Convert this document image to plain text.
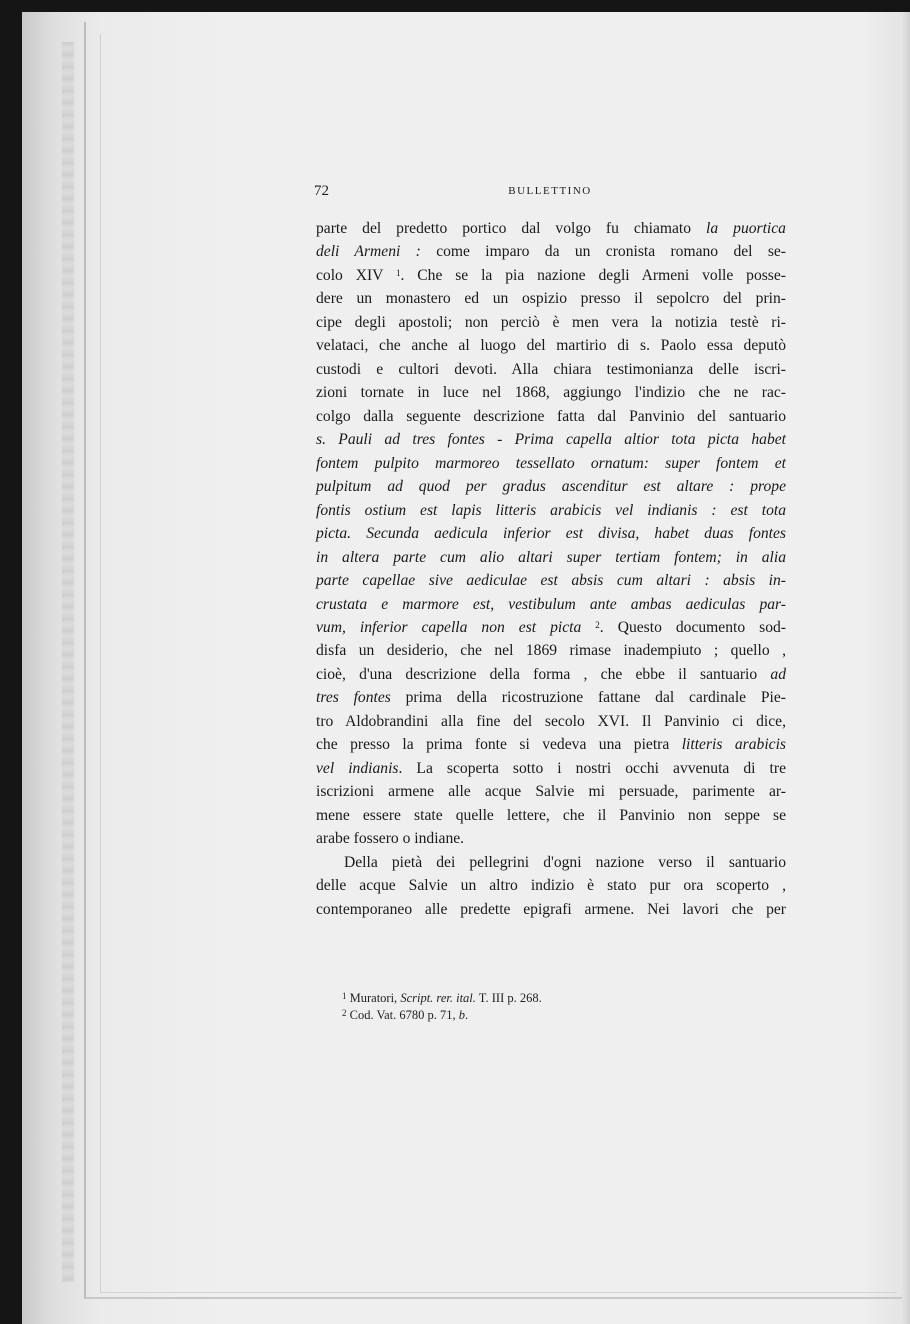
72	BULLETTINO
parte del predetto portico dal volgo fu chiamato la puortica
deli Armeni : come imparo da un cronista romano del se-
colo XIV $^1$. Che se la pia nazione degli Armeni volle posse-
dere un monastero ed un ospizio presso il sepolcro del prin-
cipe degli apostoli; non perciò è men vera la notizia testè ri-
velataci, che anche al luogo del martirio di s. Paolo essa deputò
custodi e cultori devoti. Alla chiara testimonianza delle iscri-
zioni tornate in luce nel 1868, aggiungo l'indizio che ne rac-
colgo dalla seguente descrizione fatta dal Panvinio del santuario
s. Pauli ad tres fontes - Prima capella altior tota picta habet
fontem pulpito marmoreo tessellato ornatum: super fontem et
pulpitum ad quod per gradus ascenditur est altare : prope
fontis ostium est lapis litteris arabicis vel indianis : est tota
picta. Secunda aedicula inferior est divisa, habet duas fontes
in altera parte cum alio altari super tertiam fontem; in alia
parte capellae sive aediculae est absis cum altari : absis in-
crustata e marmore est, vestibulum ante ambas aediculas par-
vum, inferior capella non est picta $^2$. Questo documento sod-
disfa un desiderio, che nel 1869 rimase inadempiuto ; quello ,
cioè, d'una descrizione della forma , che ebbe il santuario ad
tres fontes prima della ricostruzione fattane dal cardinale Pie-
tro Aldobrandini alla fine del secolo XVI. Il Panvinio ci dice,
che presso la prima fonte si vedeva una pietra litteris arabicis
vel indianis. La scoperta sotto i nostri occhi avvenuta di tre
iscrizioni armene alle acque Salvie mi persuade, parimente ar-
mene essere state quelle lettere, che il Panvinio non seppe se
arabe fossero o indiane.
Della pietà dei pellegrini d'ogni nazione verso il santuario
delle acque Salvie un altro indizio è stato pur ora scoperto ,
contemporaneo alle predette epigrafi armene. Nei lavori che per
$^1$ Muratori, Script. rer. ital. T. III p. 268.
$^2$ Cod. Vat. 6780 p. 71, b.
